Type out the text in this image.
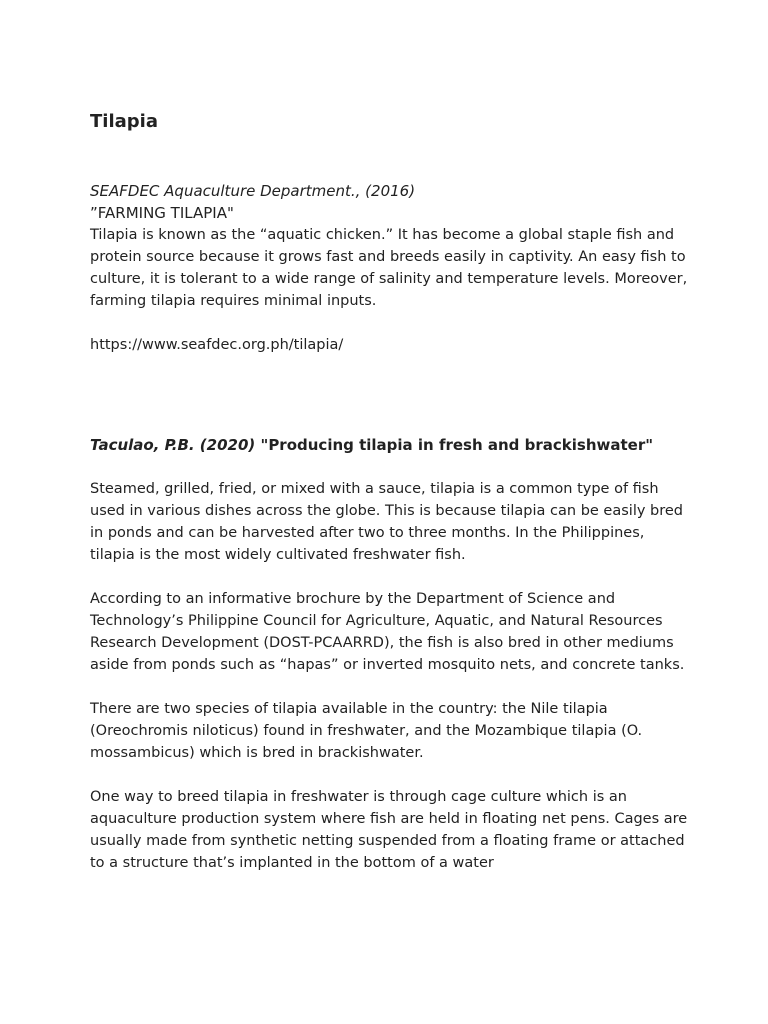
Tilapia
SEAFDEC Aquaculture Department., (2016)
”FARMING TILAPIA"

Tilapia is known as the “aquatic chicken.” It has become a global staple fish and protein source because it grows fast and breeds easily in captivity. An easy fish to culture, it is tolerant to a wide range of salinity and temperature levels. Moreover, farming tilapia requires minimal inputs.

https://www.seafdec.org.ph/tilapia/
Taculao, P.B. (2020) "Producing tilapia in fresh and brackishwater"

Steamed, grilled, fried, or mixed with a sauce, tilapia is a common type of fish used in various dishes across the globe. This is because tilapia can be easily bred in ponds and can be harvested after two to three months. In the Philippines, tilapia is the most widely cultivated freshwater fish.

According to an informative brochure by the Department of Science and Technology’s Philippine Council for Agriculture, Aquatic, and Natural Resources Research Development (DOST-PCAARRD), the fish is also bred in other mediums aside from ponds such as “hapas” or inverted mosquito nets, and concrete tanks.

There are two species of tilapia available in the country: the Nile tilapia (Oreochromis niloticus) found in freshwater, and the Mozambique tilapia (O. mossambicus) which is bred in brackishwater.

One way to breed tilapia in freshwater is through cage culture which is an aquaculture production system where fish are held in floating net pens. Cages are usually made from synthetic netting suspended from a floating frame or attached to a structure that’s implanted in the bottom of a water
